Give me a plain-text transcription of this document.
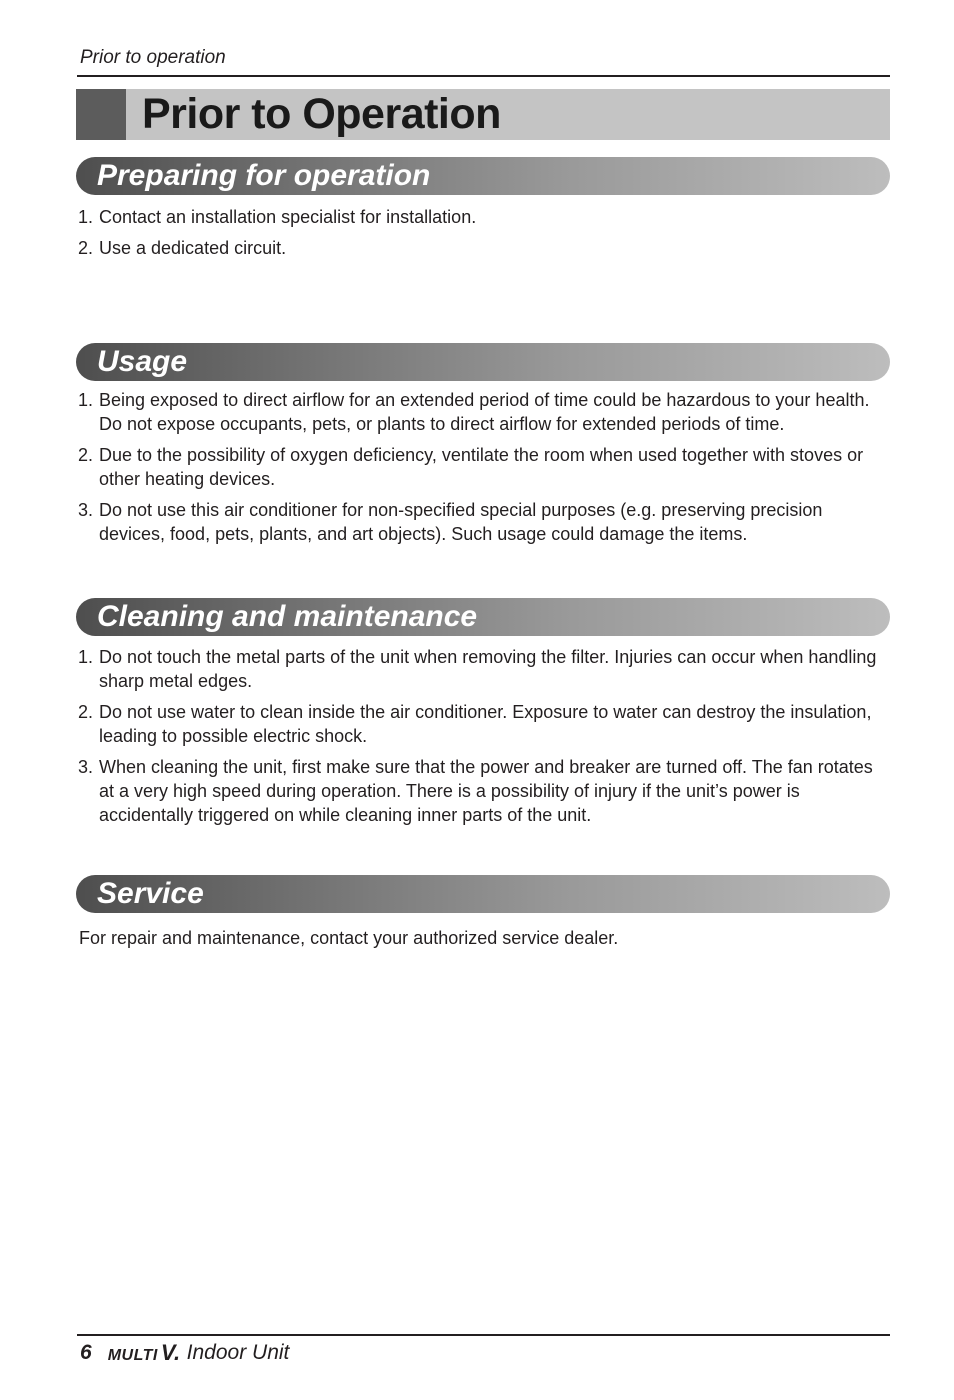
Prior to operation
Prior to Operation
Preparing for operation
1. Contact an installation specialist for installation.
2. Use a dedicated circuit.
Usage
1. Being exposed to direct airflow for an extended period of time could be hazardous to your health. Do not expose occupants, pets, or plants to direct airflow for extended periods of time.
2. Due to the possibility of oxygen deficiency, ventilate the room when used together with stoves or other heating devices.
3. Do not use this air conditioner for non-specified special purposes (e.g. preserving precision devices, food, pets, plants, and art objects). Such usage could damage the items.
Cleaning and maintenance
1. Do not touch the metal parts of the unit when removing the filter. Injuries can occur when handling sharp metal edges.
2. Do not use water to clean inside the air conditioner. Exposure to water can destroy the insulation, leading to possible electric shock.
3. When cleaning the unit, first make sure that the power and breaker are turned off. The fan rotates at a very high speed during operation. There is a possibility of injury if the unit’s power is accidentally triggered on while cleaning inner parts of the unit.
Service
For repair and maintenance, contact your authorized service dealer.
6 MULTI V. Indoor Unit
